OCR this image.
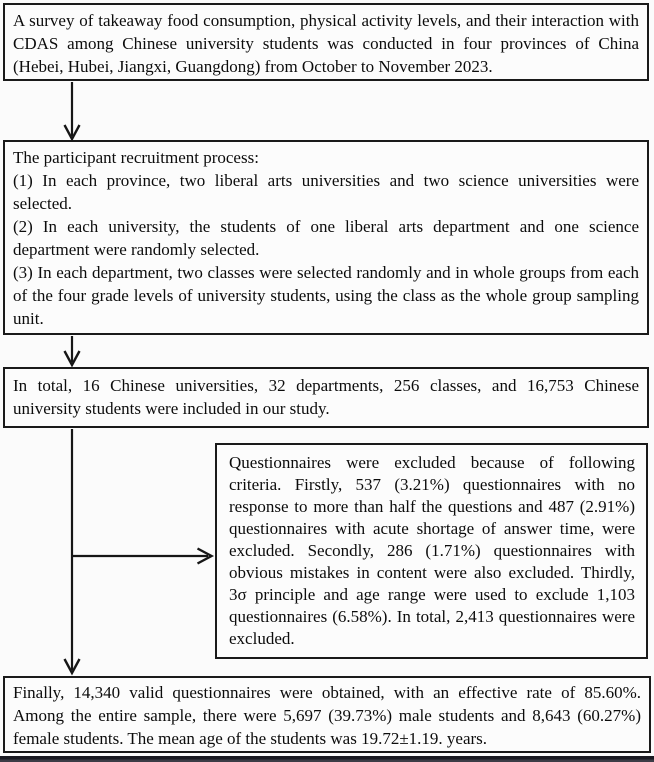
A survey of takeaway food consumption, physical activity levels, and their interaction with CDAS among Chinese university students was conducted in four provinces of China (Hebei, Hubei, Jiangxi, Guangdong) from October to November 2023.

The participant recruitment process:

(1) In each province, two liberal arts universities and two science universities were selected.

(2) In each university, the students of one liberal arts department and one science department were randomly selected.

(3) In each department, two classes were selected randomly and in whole groups from each of the four grade levels of university students, using the class as the whole group sampling unit.

In total, 16 Chinese universities, 32 departments, 256 classes, and 16,753 Chinese university students were included in our study.
Questionnaires were excluded because of following criteria. Firstly, 537 (3.21%) questionnaires with no response to more than half the questions and 487 (2.91%) questionnaires with acute shortage of answer time, were excluded. Secondly, 286 (1.71%) questionnaires with obvious mistakes in content were also excluded. Thirdly, 3σ principle and age range were used to exclude 1,103 questionnaires (6.58%). In total, 2,413 questionnaires were excluded.
Finally, 14,340 valid questionnaires were obtained, with an effective rate of 85.60%. Among the entire sample, there were 5,697 (39.73%) male students and 8,643 (60.27%) female students. The mean age of the students was 19.72±1.19. years.
